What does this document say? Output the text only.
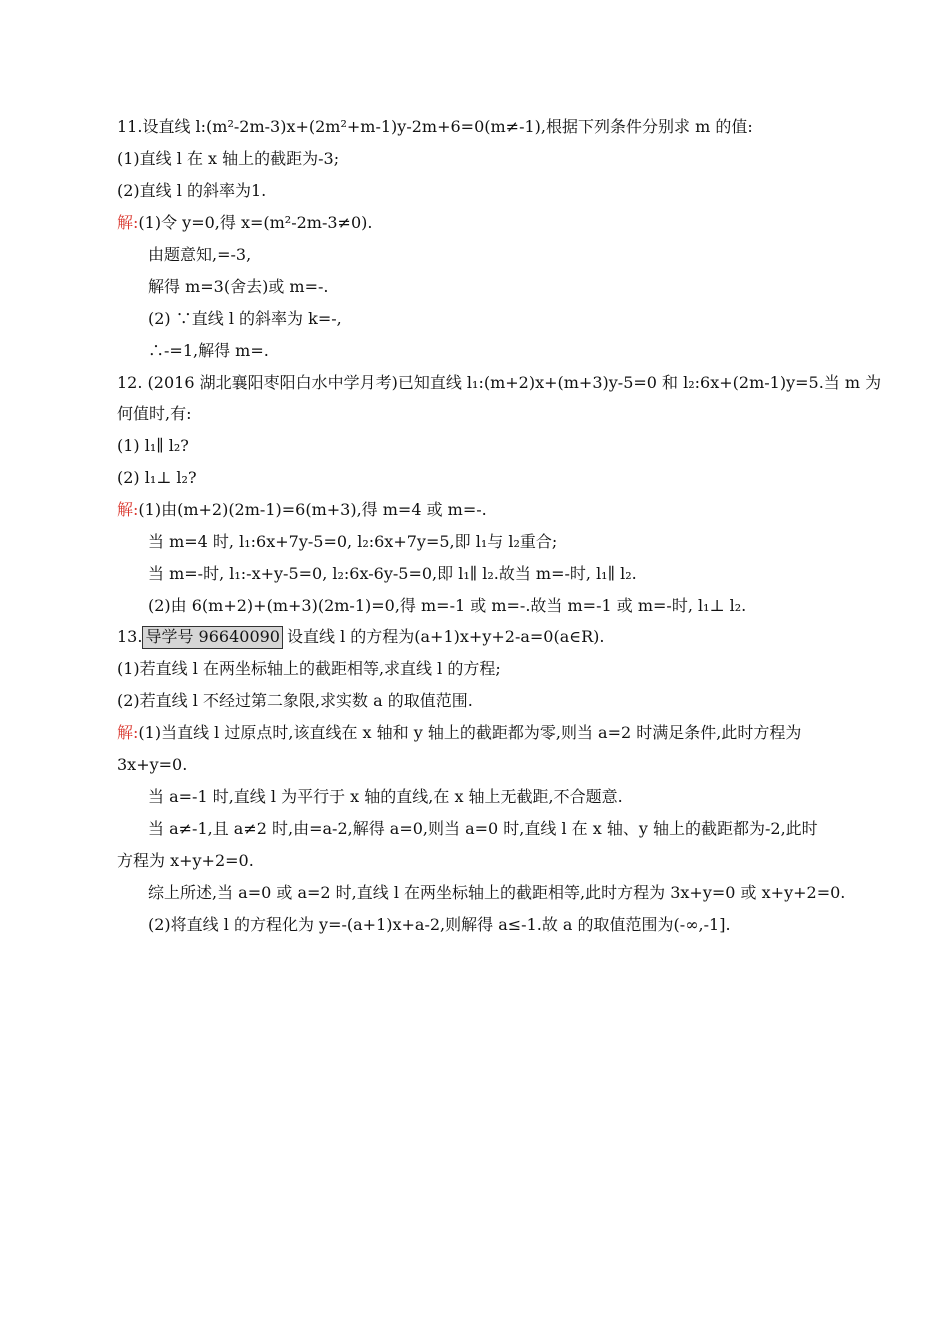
11.设直线 l:(m²-2m-3)x+(2m²+m-1)y-2m+6=0(m≠-1),根据下列条件分别求 m 的值:
(1)直线 l 在 x 轴上的截距为-3;
(2)直线 l 的斜率为1.
解:(1)令 y=0,得 x=(m²-2m-3≠0).
由题意知,=-3,
解得 m=3(舍去)或 m=-.
(2) ∵直线 l 的斜率为 k=-,
∴-=1,解得 m=.
12. (2016 湖北襄阳枣阳白水中学月考)已知直线 l₁:(m+2)x+(m+3)y-5=0 和 l₂:6x+(2m-1)y=5.当 m 为
何值时,有:
(1) l₁∥ l₂?
(2) l₁⊥ l₂?
解:(1)由(m+2)(2m-1)=6(m+3),得 m=4 或 m=-.
当 m=4 时, l₁:6x+7y-5=0, l₂:6x+7y=5,即 l₁与 l₂重合;
当 m=-时, l₁:-x+y-5=0, l₂:6x-6y-5=0,即 l₁∥ l₂.故当 m=-时, l₁∥ l₂.
(2)由 6(m+2)+(m+3)(2m-1)=0,得 m=-1 或 m=-.故当 m=-1 或 m=-时, l₁⊥ l₂.
13. 导学号 96640090 设直线 l 的方程为(a+1)x+y+2-a=0(a∈R).
(1)若直线 l 在两坐标轴上的截距相等,求直线 l 的方程;
(2)若直线 l 不经过第二象限,求实数 a 的取值范围.
解:(1)当直线 l 过原点时,该直线在 x 轴和 y 轴上的截距都为零,则当 a=2 时满足条件,此时方程为
3x+y=0.
当 a=-1 时,直线 l 为平行于 x 轴的直线,在 x 轴上无截距,不合题意.
当 a≠-1,且 a≠2 时,由=a-2,解得 a=0,则当 a=0 时,直线 l 在 x 轴、y 轴上的截距都为-2,此时
方程为 x+y+2=0.
综上所述,当 a=0 或 a=2 时,直线 l 在两坐标轴上的截距相等,此时方程为 3x+y=0 或 x+y+2=0.
(2)将直线 l 的方程化为 y=-(a+1)x+a-2,则解得 a≤-1.故 a 的取值范围为(-∞,-1].
